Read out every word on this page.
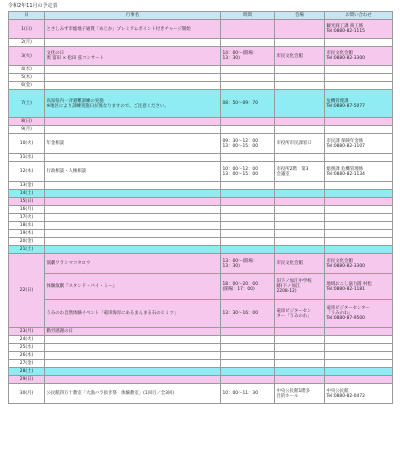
令和2年11月の予定表
日	行事名	時間	会場	お問い合わせ
1(日)	とさしみず市総地子通貨「めじか」プレミアムポイント付きチャージ開始			観光商工課 商工係
Tel:0880-82-1115
2(月)				
3(火)	文化の日
奥 富田 × 松田 弦コンサート	14：00～(開場：
13：30)	市民文化会館	市民文化会館
Tel:0880-82-3300
4(水)				
5(木)				
6(金)				
7(土)	高知県内一斉避難訓練の実施
※地区により訓練実施日が異なりますので、ご注意ください。	08：50～09：70		危機管理課
Tel:0880-87-5077
8(日)				
9(月)				
10(火)	年金相談	09：30～12：00
13：00～15：00	市役所市民課窓口	市民課 保険年金係
Tel:0880-82-1107
11(水)				
12(木)	行政相談・人権相談	10：00～12：00
13：00～15：00	市役所2階　第3
会議室	総務課 危機管理係
Tel:0880-82-1134
13(金)				
14(土)				
15(日)				
16(月)				
17(火)				
18(水)				
19(木)				
20(金)				
21(土)				
22(日)	演劇ワラシマコタロウ	13：00～(開場：
13：30)	市民文化会館	市民文化会館
Tel:0880-82-3300
	体験演劇『スタンド・バイ・ミー』	18：00～20：00
(開場：17：00)	旧下ノ加江中学校
跡(下ノ加江
2208-12)	地域おこし協力隊 村松
Tel:0880-82-1181
	うみのわ自然体験イベント「竜串海岸にあるまんまる石のヒミツ」	13：30～16：00	竜串ビジターセン
ター「うみのわ」	竜串ビジターセンター
「うみのわ」
Tel:0880-87-9500
23(月)	勤労感謝の日			
24(火)				
25(水)				
26(木)				
27(金)				
28(土)				
29(日)				
30(月)	公民館四万十教室「大漁バラ抜き祭　体験教室」(1回目／全3回)	10：00～11：30	中央公民館1階多
目的ホール	中央公民館
Tel:0880-82-0472
